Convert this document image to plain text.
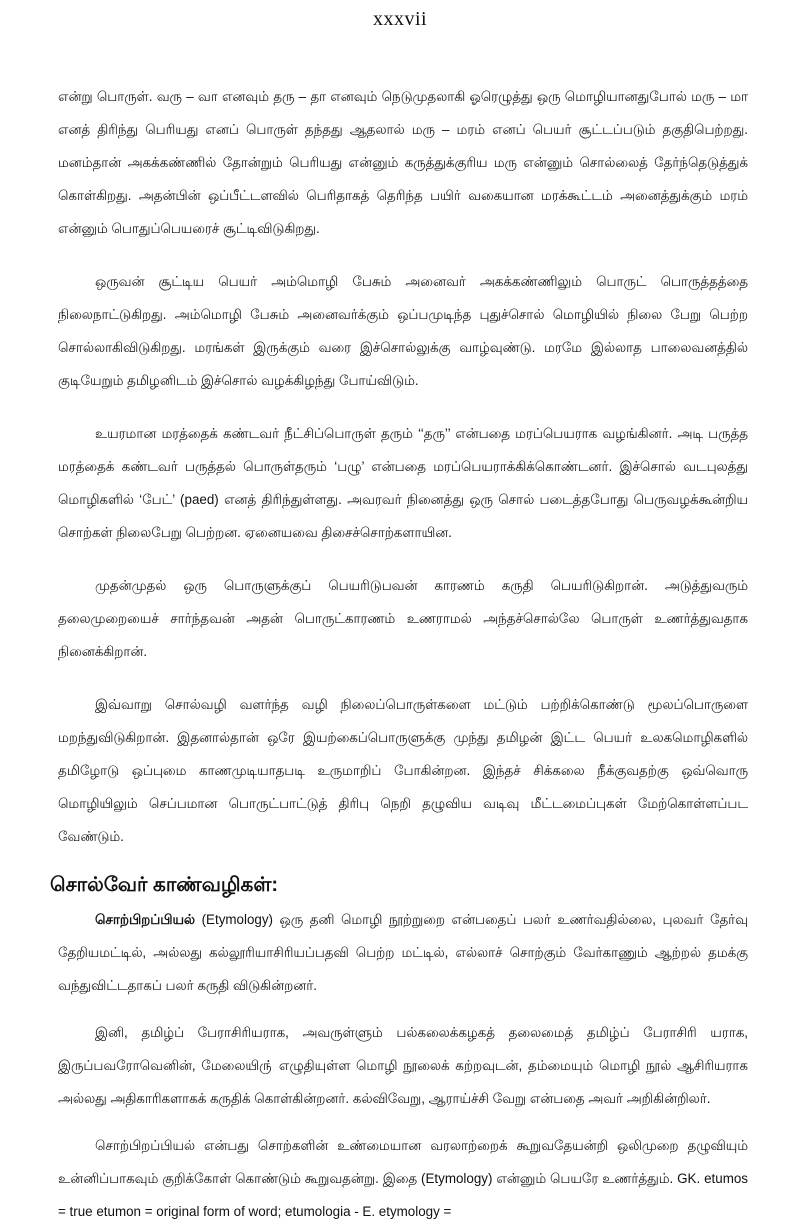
xxxvii

என்று பொருள். வரு – வா எனவும் தரு – தா எனவும் நெடுமுதலாகி ஓரெழுத்து ஒரு மொழியானதுபோல் மரு – மா எனத் திரிந்து பெரியது எனப் பொருள் தந்தது ஆதலால் மரு – மரம் எனப் பெயர் சூட்டப்படும் தகுதிபெற்றது. மனம்தான் அகக்கண்ணில் தோன்றும் பெரியது என்னும் கருத்துக்குரிய மரு என்னும் சொல்லைத் தேர்ந்தெடுத்துக் கொள்கிறது. அதன்பின் ஒப்பீட்டளவில் பெரிதாகத் தெரிந்த பயிர் வகையான மரக்கூட்டம் அனைத்துக்கும் மரம் என்னும் பொதுப்பெயரைச் சூட்டிவிடுகிறது.

ஒருவன் சூட்டிய பெயர் அம்மொழி பேசும் அனைவர் அகக்கண்ணிலும் பொருட் பொருத்தத்தை நிலைநாட்டுகிறது. அம்மொழி பேசும் அனைவர்க்கும் ஒப்பமுடிந்த புதுச்சொல் மொழியில் நிலை பேறு பெற்ற சொல்லாகிவிடுகிறது. மரங்கள் இருக்கும் வரை இச்சொல்லுக்கு வாழ்வுண்டு. மரமே இல்லாத பாலைவனத்தில் குடியேறும் தமிழனிடம் இச்சொல் வழக்கிழந்து போய்விடும்.

உயரமான மரத்தைக் கண்டவர் நீட்சிப்பொருள் தரும் ‘‘தரு’’ என்பதை மரப்பெயராக வழங்கினர். அடி பருத்த மரத்தைக் கண்டவர் பருத்தல் பொருள்தரும் ‘பழு’ என்பதை மரப்பெயராக்கிக்கொண்டனர். இச்சொல் வடபுலத்து மொழிகளில் ‘பேட்’ (paed) எனத் திரிந்துள்ளது. அவரவர் நினைத்து ஒரு சொல் படைத்தபோது பெருவழக்கூன்றிய சொற்கள் நிலைபேறு பெற்றன. ஏனையவை திசைச்சொற்களாயின.

முதன்முதல் ஒரு பொருளுக்குப் பெயரிடுபவன் காரணம் கருதி பெயரிடுகிறான். அடுத்துவரும் தலைமுறையைச் சார்ந்தவன் அதன் பொருட்காரணம் உணராமல் அந்தச்சொல்லே பொருள் உணர்த்துவதாக நினைக்கிறான்.

இவ்வாறு சொல்வழி வளர்ந்த வழி நிலைப்பொருள்களை மட்டும் பற்றிக்கொண்டு மூலப்பொருளை மறந்துவிடுகிறான். இதனால்தான் ஒரே இயற்கைப்பொருளுக்கு முந்து தமிழன் இட்ட பெயர் உலகமொழிகளில் தமிழோடு ஒப்புமை காணமுடியாதபடி உருமாறிப் போகின்றன. இந்தச் சிக்கலை நீக்குவதற்கு ஒவ்வொரு மொழியிலும் செப்பமான பொருட்பாட்டுத் திரிபு நெறி தழுவிய வடிவு மீட்டமைப்புகள் மேற்கொள்ளப்பட வேண்டும்.

சொல்வேர் காண்வழிகள்:

சொற்பிறப்பியல் (Etymology) ஒரு தனி மொழி நூற்றுறை என்பதைப் பலர் உணர்வதில்லை, புலவர் தேர்வு தேறியமட்டில், அல்லது கல்லூரியாசிரியப்பதவி பெற்ற மட்டில், எல்லாச் சொற்கும் வேர்காணும் ஆற்றல் தமக்கு வந்துவிட்டதாகப் பலர் கருதி விடுகின்றனர்.

இனி, தமிழ்ப் பேராசிரியராக, அவருள்ளும் பல்கலைக்கழகத் தலைமைத் தமிழ்ப் பேராசிரி யராக, இருப்பவரோவெனின், மேலையிரு் எழுதியுள்ள மொழி நூலைக் கற்றவுடன், தம்மையும் மொழி நூல் ஆசிரியராக அல்லது அதிகாரிகளாகக் கருதிக் கொள்கின்றனர். கல்விவேறு, ஆராய்ச்சி வேறு என்பதை அவர் அறிகின்றிலர்.

சொற்பிறப்பியல் என்பது சொற்களின் உண்மையான வரலாற்றைக் கூறுவதேயன்றி ஒலிமுறை தழுவியும் உன்னிப்பாகவும் குறிக்கோள் கொண்டும் கூறுவதன்று. இதை (Etymology) என்னும் பெயரே உணர்த்தும். GK. etumos = true etumon = original form of word; etumologia - E. etymology =
